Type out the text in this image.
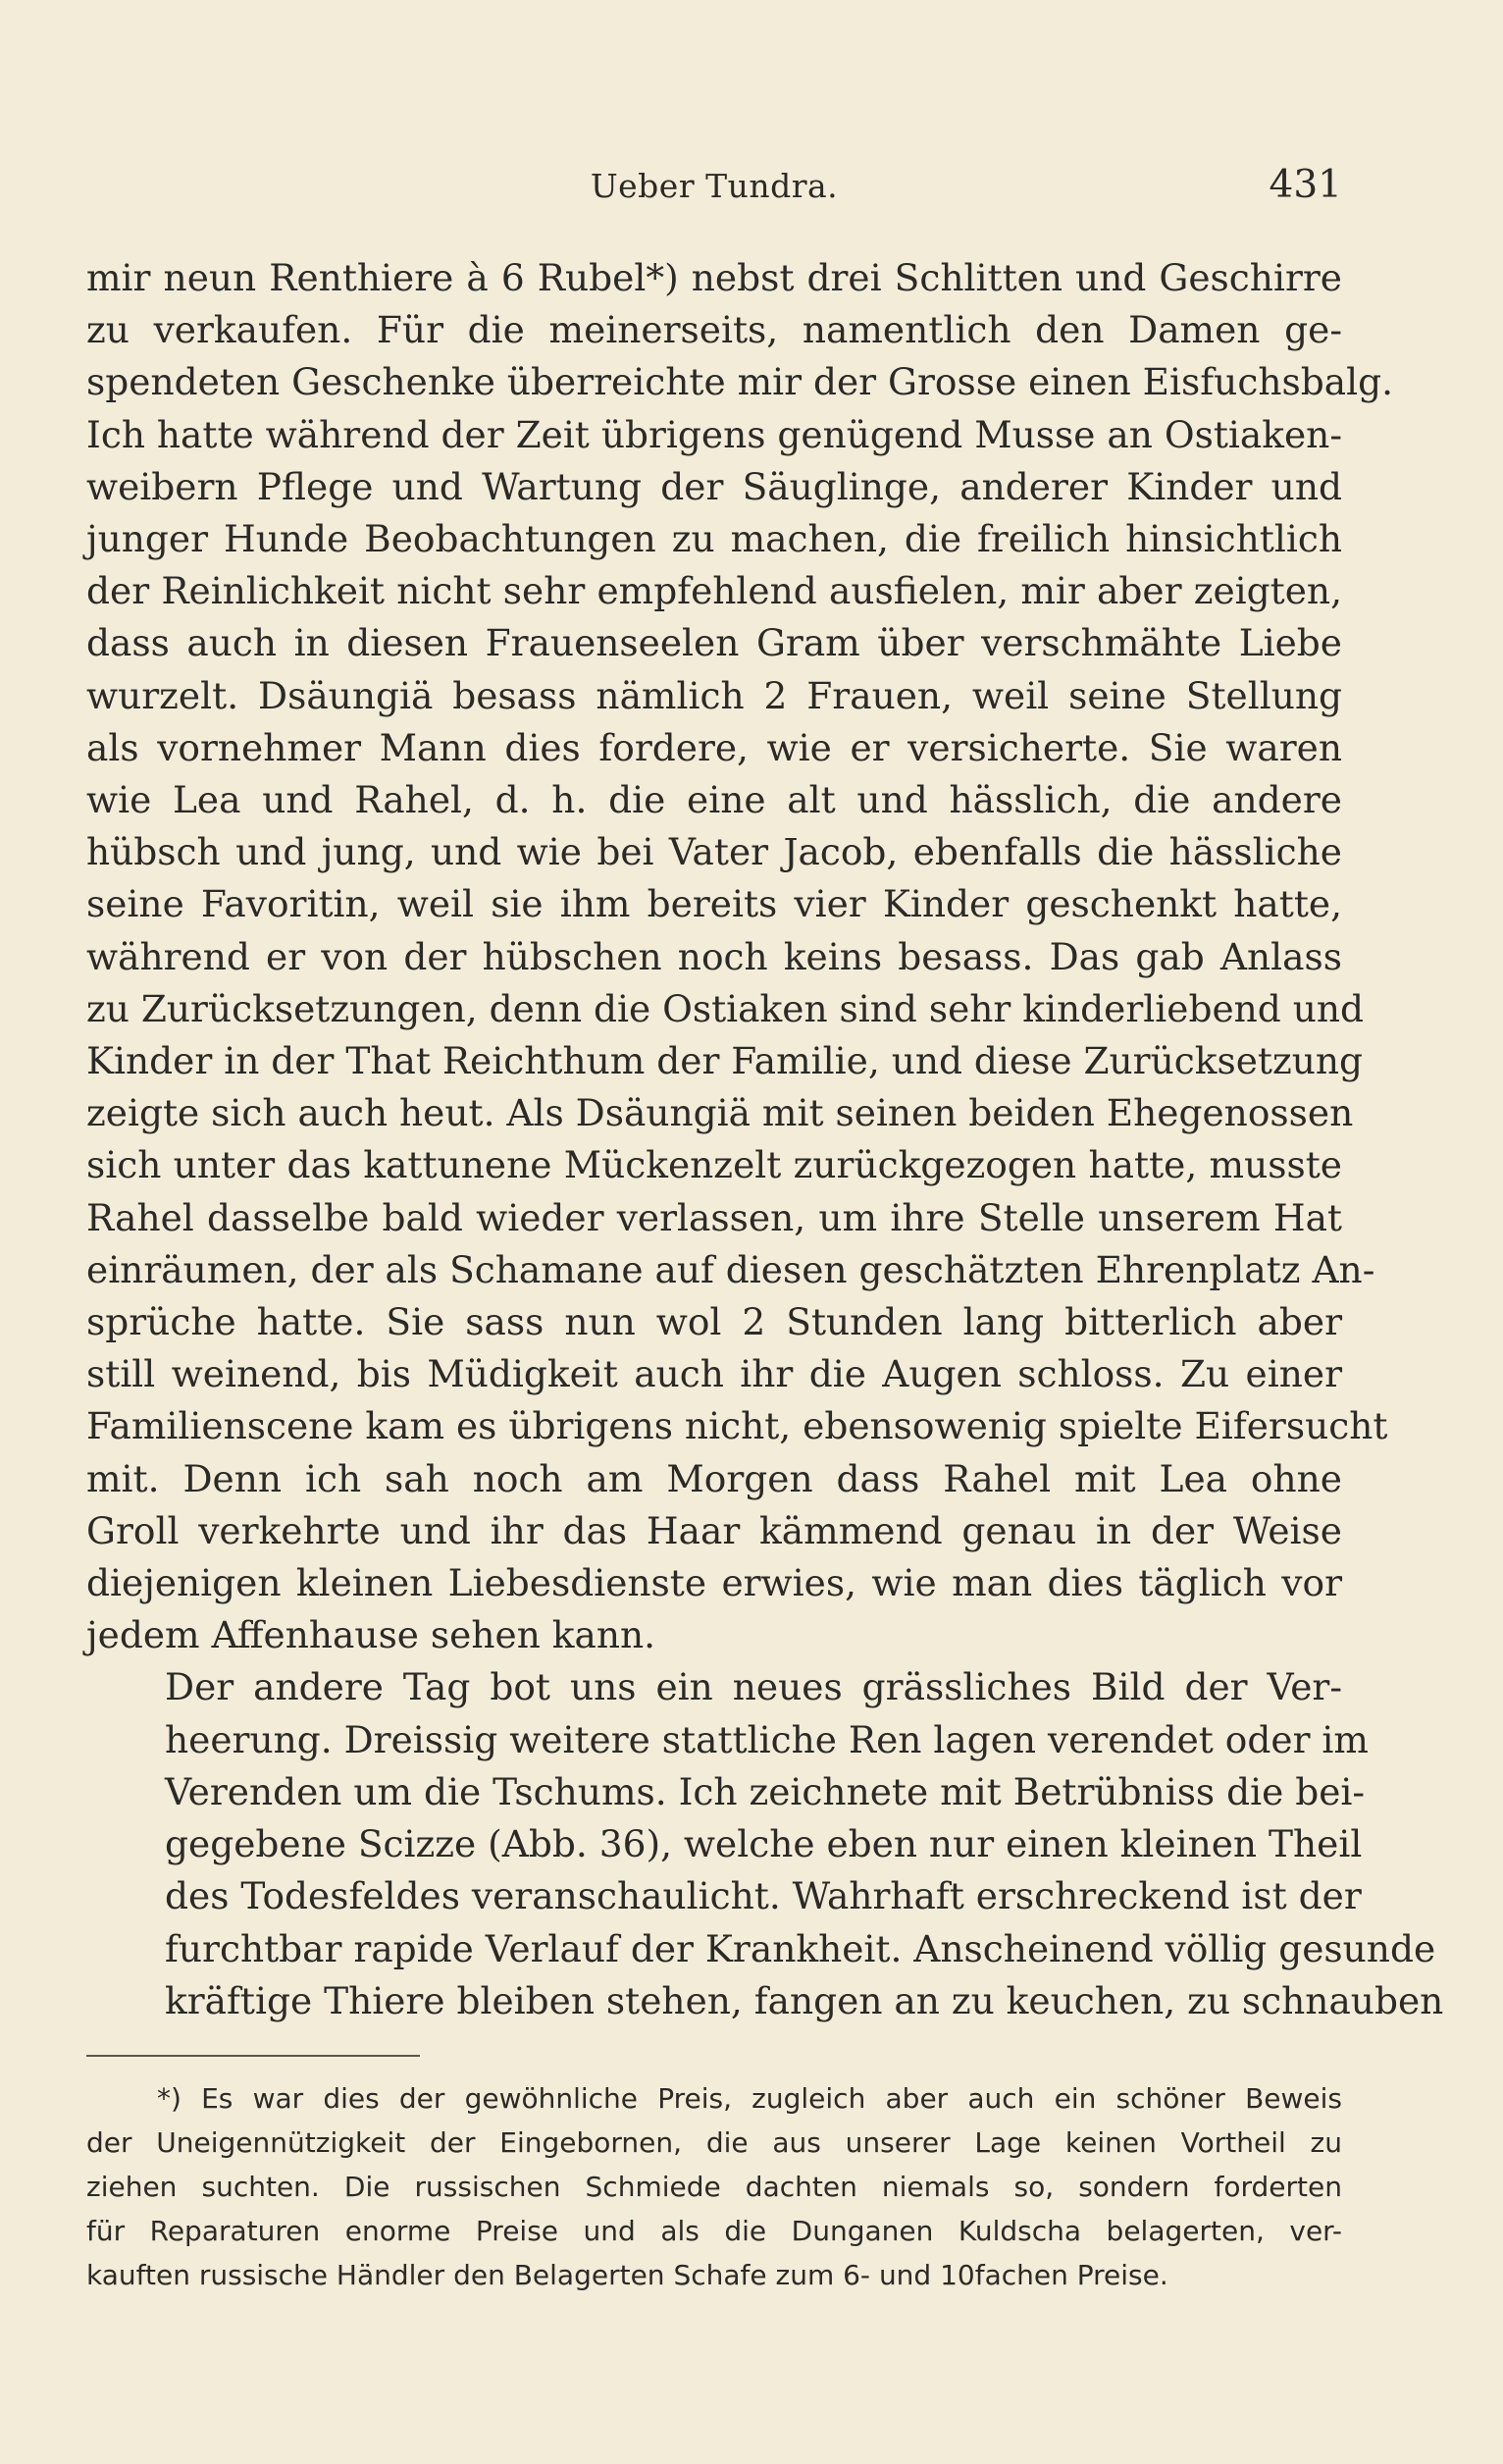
Ueber Tundra.	431

mir neun Renthiere à 6 Rubel*) nebst drei Schlitten und Geschirre
zu verkaufen. Für die meinerseits, namentlich den Damen ge-
spendeten Geschenke überreichte mir der Grosse einen Eisfuchsbalg.
Ich hatte während der Zeit übrigens genügend Musse an Ostiaken-
weibern Pflege und Wartung der Säuglinge, anderer Kinder und
junger Hunde Beobachtungen zu machen, die freilich hinsichtlich
der Reinlichkeit nicht sehr empfehlend ausfielen, mir aber zeigten,
dass auch in diesen Frauenseelen Gram über verschmähte Liebe
wurzelt. Dsäungiä besass nämlich 2 Frauen, weil seine Stellung
als vornehmer Mann dies fordere, wie er versicherte. Sie waren
wie Lea und Rahel, d. h. die eine alt und hässlich, die andere
hübsch und jung, und wie bei Vater Jacob, ebenfalls die hässliche
seine Favoritin, weil sie ihm bereits vier Kinder geschenkt hatte,
während er von der hübschen noch keins besass. Das gab Anlass
zu Zurücksetzungen, denn die Ostiaken sind sehr kinderliebend und
Kinder in der That Reichthum der Familie, und diese Zurücksetzung
zeigte sich auch heut. Als Dsäungiä mit seinen beiden Ehegenossen
sich unter das kattunene Mückenzelt zurückgezogen hatte, musste
Rahel dasselbe bald wieder verlassen, um ihre Stelle unserem Hat
einräumen, der als Schamane auf diesen geschätzten Ehrenplatz An-
sprüche hatte. Sie sass nun wol 2 Stunden lang bitterlich aber
still weinend, bis Müdigkeit auch ihr die Augen schloss. Zu einer
Familienscene kam es übrigens nicht, ebensowenig spielte Eifersucht
mit. Denn ich sah noch am Morgen dass Rahel mit Lea ohne
Groll verkehrte und ihr das Haar kämmend genau in der Weise
diejenigen kleinen Liebesdienste erwies, wie man dies täglich vor
jedem Affenhause sehen kann.

Der andere Tag bot uns ein neues grässliches Bild der Ver-
heerung. Dreissig weitere stattliche Ren lagen verendet oder im
Verenden um die Tschums. Ich zeichnete mit Betrübniss die bei-
gegebene Scizze (Abb. 36), welche eben nur einen kleinen Theil
des Todesfeldes veranschaulicht. Wahrhaft erschreckend ist der
furchtbar rapide Verlauf der Krankheit. Anscheinend völlig gesunde
kräftige Thiere bleiben stehen, fangen an zu keuchen, zu schnauben

*) Es war dies der gewöhnliche Preis, zugleich aber auch ein schöner Beweis
der Uneigennützigkeit der Eingebornen, die aus unserer Lage keinen Vortheil zu
ziehen suchten. Die russischen Schmiede dachten niemals so, sondern forderten
für Reparaturen enorme Preise und als die Dunganen Kuldscha belagerten, ver-
kauften russische Händler den Belagerten Schafe zum 6- und 10fachen Preise.
